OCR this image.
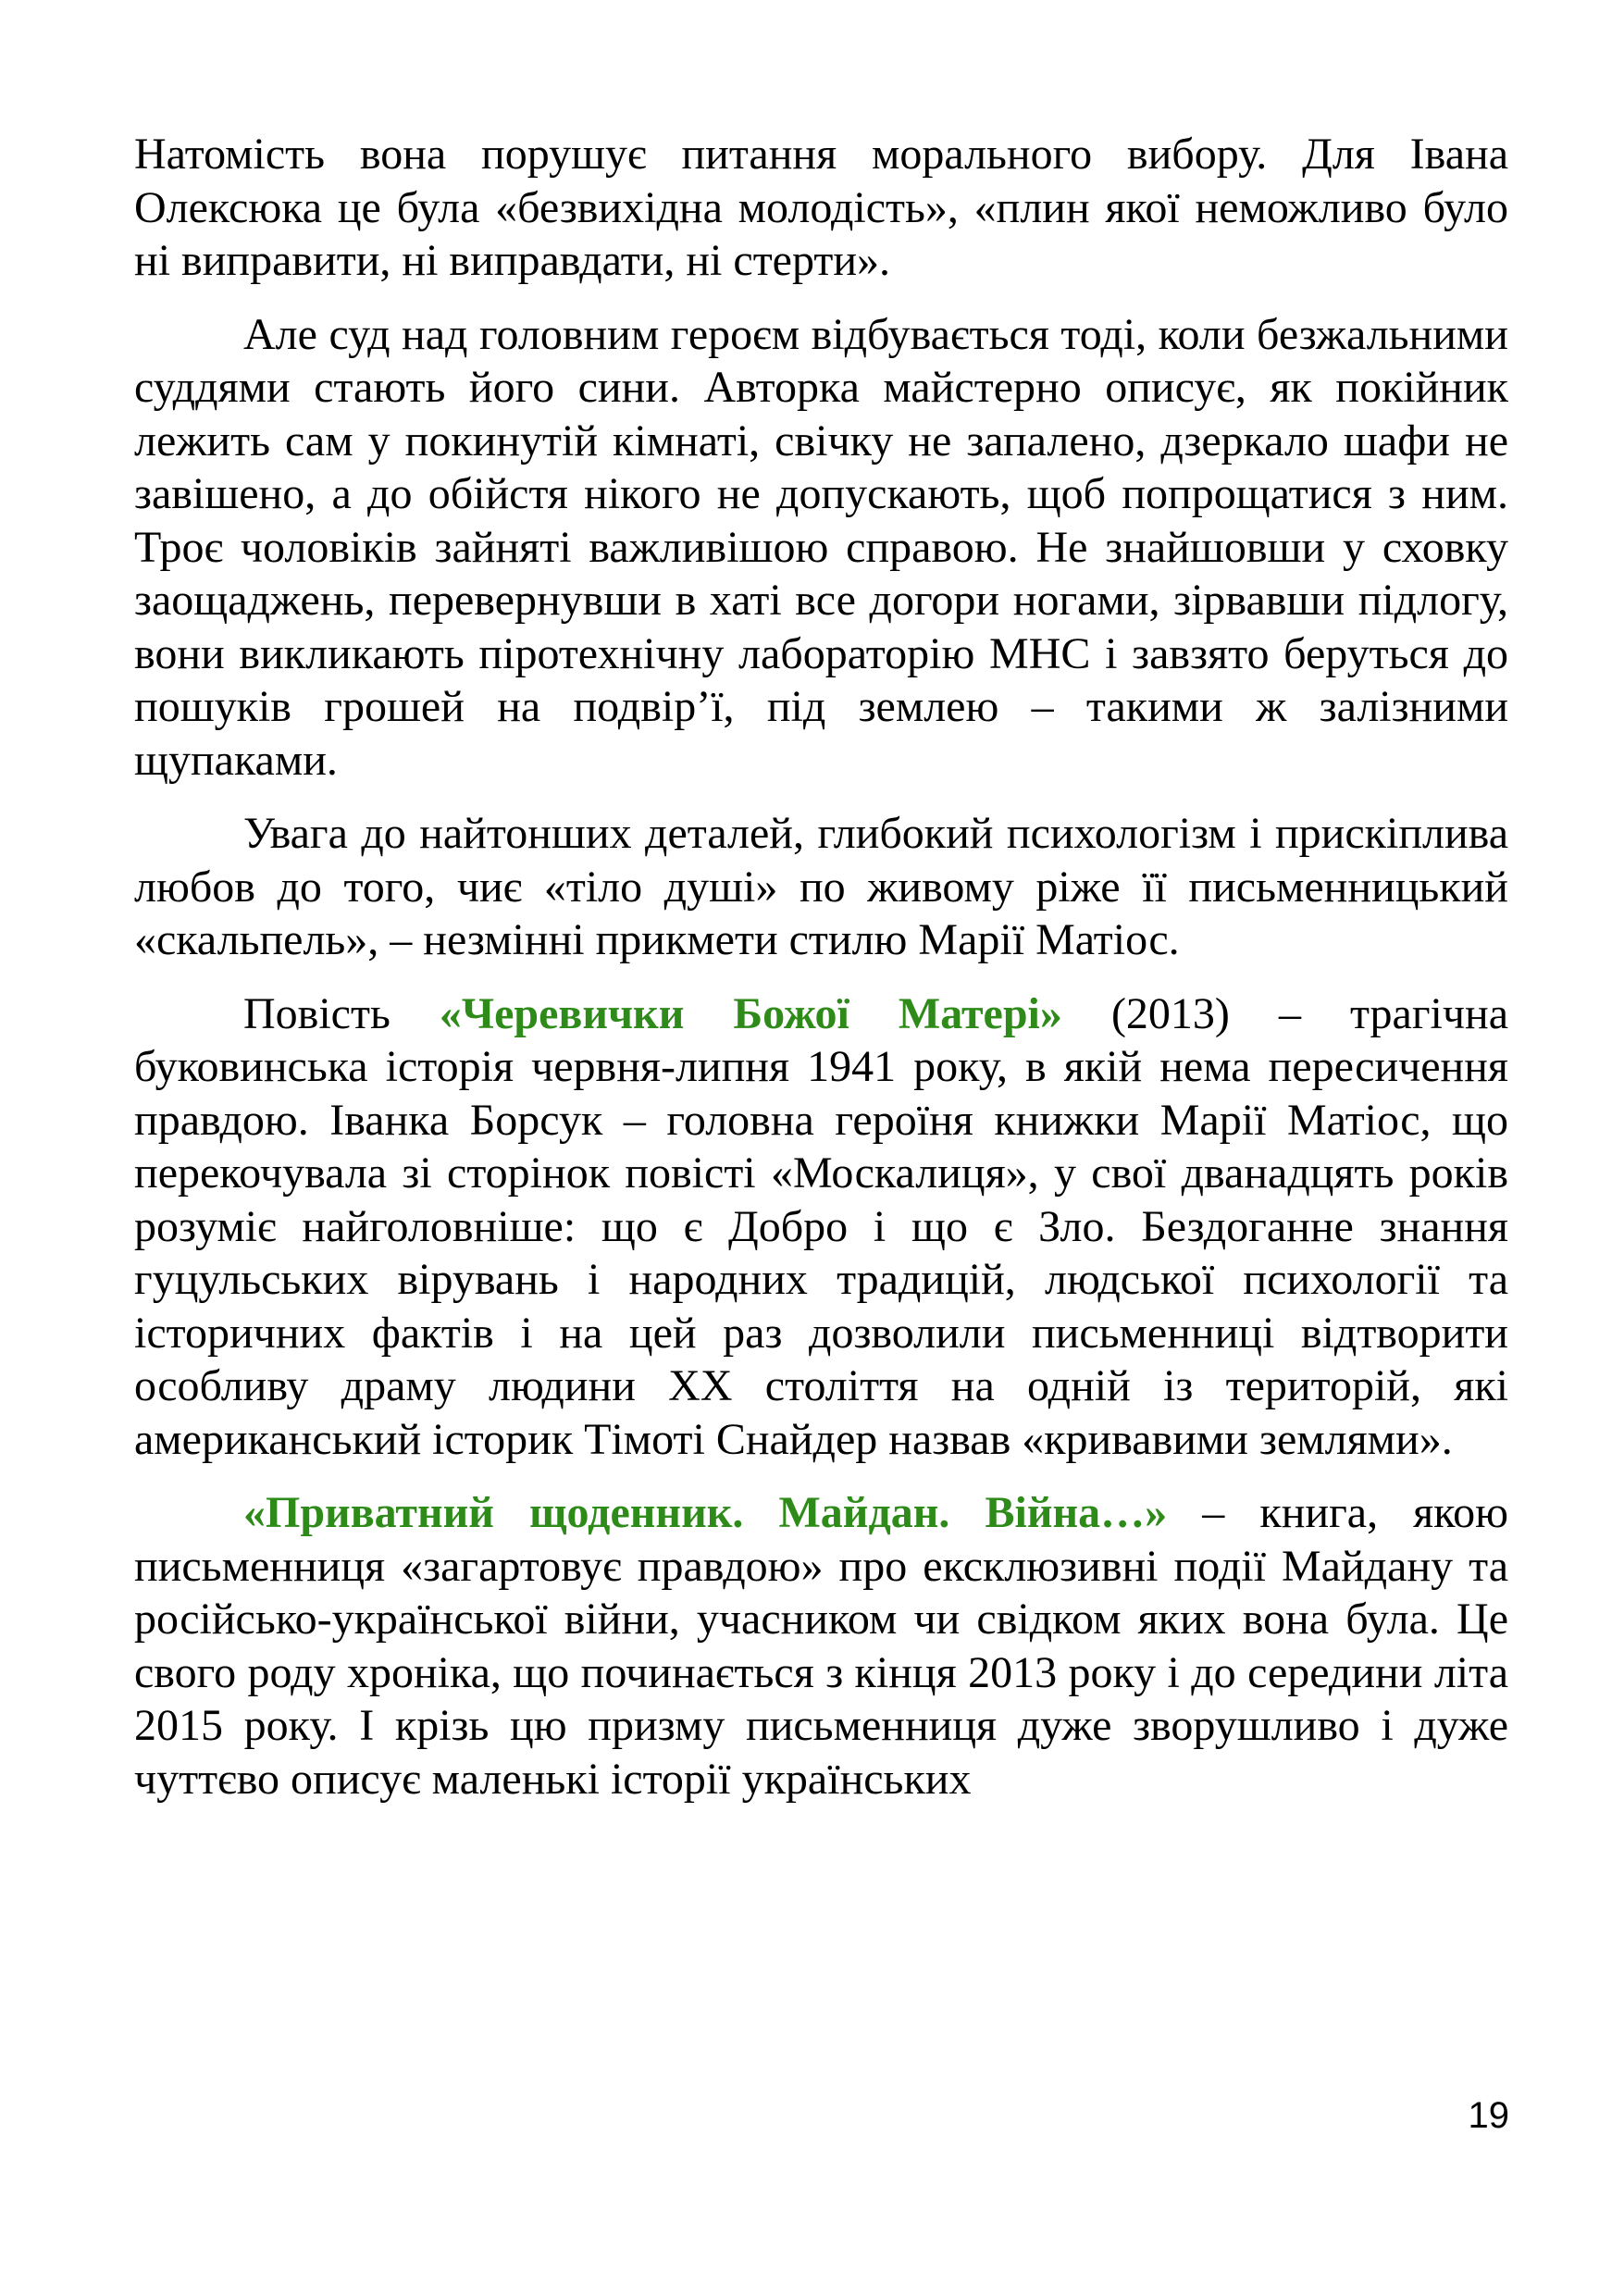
Натомість вона порушує питання морального вибору. Для Івана Олексюка це була «безвихідна молодість», «плин якої неможливо було ні виправити, ні виправдати, ні стерти».

Але суд над головним героєм відбувається тоді, коли безжальними суддями стають його сини. Авторка майстерно описує, як покійник лежить сам у покинутій кімнаті, свічку не запалено, дзеркало шафи не завішено, а до обійстя нікого не допускають, щоб попрощатися з ним. Троє чоловіків зайняті важливішою справою. Не знайшовши у сховку заощаджень, перевернувши в хаті все догори ногами, зірвавши підлогу, вони викликають піротехнічну лабораторію МНС і завзято беруться до пошуків грошей на подвір’ї, під землею – такими ж залізними щупаками.

Увага до найтонших деталей, глибокий психологізм і прискіплива любов до того, чиє «тіло душі» по живому ріже її письменницький «скальпель», – незмінні прикмети стилю Марії Матіос.

Повість «Черевички Божої Матері» (2013) – трагічна буковинська історія червня-липня 1941 року, в якій нема пересичення правдою. Іванка Борсук – головна героїня книжки Марії Матіос, що перекочувала зі сторінок повісті «Москалиця», у свої дванадцять років розуміє найголовніше: що є Добро і що є Зло. Бездоганне знання гуцульських вірувань і народних традицій, людської психології та історичних фактів і на цей раз дозволили письменниці відтворити особливу драму людини ХХ століття на одній із територій, які американський історик Тімоті Снайдер назвав «кривавими землями».

«Приватний щоденник. Майдан. Війна…» – книга, якою письменниця «загартовує правдою» про ексклюзивні події Майдану та російсько-української війни, учасником чи свідком яких вона була. Це свого роду хроніка, що починається з кінця 2013 року і до середини літа 2015 року. І крізь цю призму письменниця дуже зворушливо і дуже чуттєво описує маленькі історії українських

19
